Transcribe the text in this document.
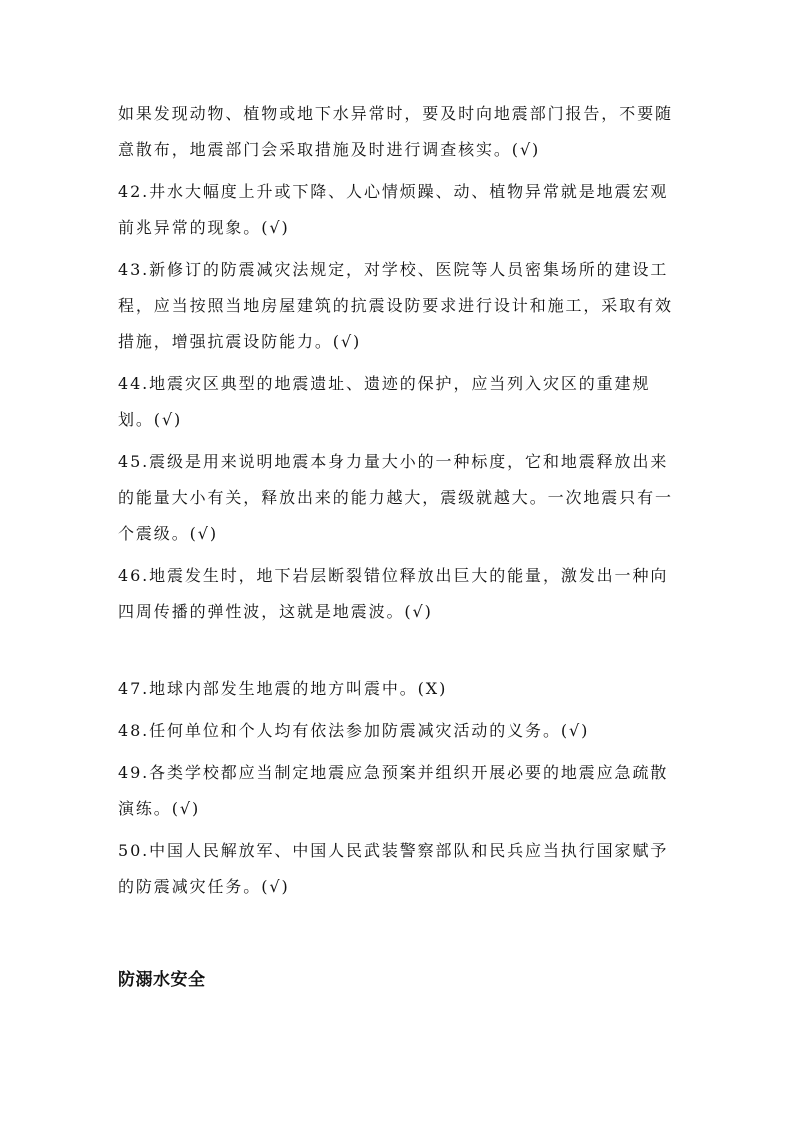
如果发现动物、植物或地下水异常时，要及时向地震部门报告，不要随意散布，地震部门会采取措施及时进行调查核实。(√)

42.井水大幅度上升或下降、人心情烦躁、动、植物异常就是地震宏观前兆异常的现象。(√)

43.新修订的防震减灾法规定，对学校、医院等人员密集场所的建设工程，应当按照当地房屋建筑的抗震设防要求进行设计和施工，采取有效措施，增强抗震设防能力。(√)

44.地震灾区典型的地震遗址、遗迹的保护，应当列入灾区的重建规划。(√)

45.震级是用来说明地震本身力量大小的一种标度，它和地震释放出来的能量大小有关，释放出来的能力越大，震级就越大。一次地震只有一个震级。(√)

46.地震发生时，地下岩层断裂错位释放出巨大的能量，激发出一种向四周传播的弹性波，这就是地震波。(√)

47.地球内部发生地震的地方叫震中。(X)

48.任何单位和个人均有依法参加防震减灾活动的义务。(√)

49.各类学校都应当制定地震应急预案并组织开展必要的地震应急疏散演练。(√)

50.中国人民解放军、中国人民武装警察部队和民兵应当执行国家赋予的防震减灾任务。(√)

防溺水安全
